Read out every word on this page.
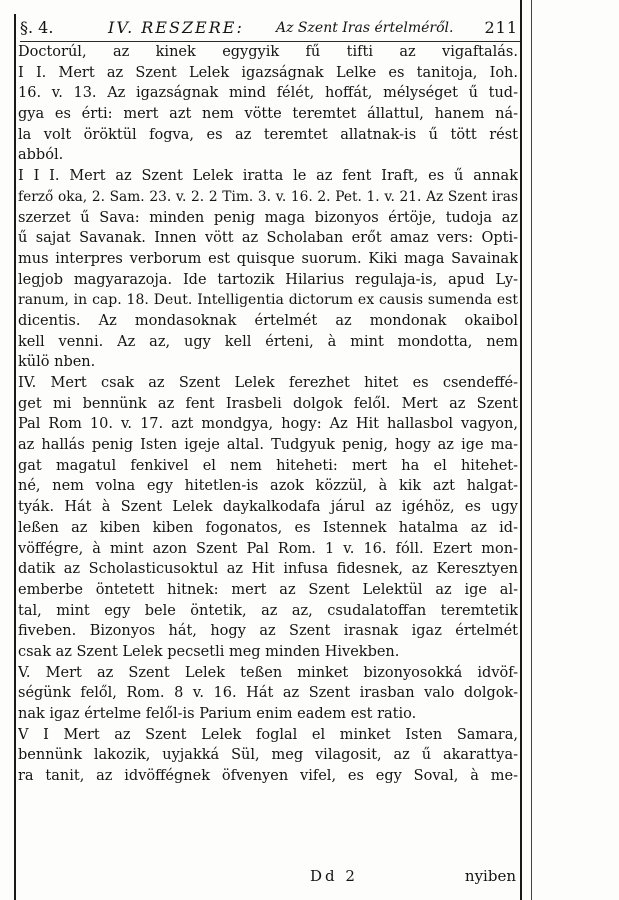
§. 4.	IV. RESZERE: Az Szent Iras értelméről. 211
Doctorúl, az kinek egygyik fű tifti az vigaftalás.
I I. Mert az Szent Lelek igazságnak Lelke es tanitoja, Ioh.
16. v. 13. Az igazságnak mind félét, hoffát, mélységet ű tud-
gya es érti: mert azt nem vötte teremtet állattul, hanem ná-
la volt öröktül fogva, es az teremtet allatnak-is ű tött rést
abból.
I I I. Mert az Szent Lelek iratta le az fent Iraft, es ű annak
ferző oka, 2. Sam. 23. v. 2. 2 Tim. 3. v. 16. 2. Pet. 1. v. 21. Az Szent iras
szerzet ű Sava: minden penig maga bizonyos értöje, tudoja az
ű sajat Savanak. Innen vött az Scholaban erőt amaz vers: Opti-
mus interpres verborum est quisque suorum. Kiki maga Savainak
legjob magyarazoja. Ide tartozik Hilarius regulaja-is, apud Ly-
ranum, in cap. 18. Deut. Intelligentia dictorum ex causis sumenda est
dicentis. Az mondasoknak értelmét az mondonak okaibol
kell venni. Az az, ugy kell érteni, à mint mondotta, nem
külö nben.
IV. Mert csak az Szent Lelek ferezhet hitet es csendeffé-
get mi bennünk az fent Irasbeli dolgok felől. Mert az Szent
Pal Rom 10. v. 17. azt mondgya, hogy: Az Hit hallasbol vagyon,
az hallás penig Isten igeje altal. Tudgyuk penig, hogy az ige ma-
gat magatul fenkivel el nem hiteheti: mert ha el hitehet-
né, nem volna egy hitetlen-is azok közzül, à kik azt halgat-
tyák. Hát à Szent Lelek daykalkodafa járul az igéhöz, es ugy
leßen az kiben kiben fogonatos, es Istennek hatalma az id-
vöffégre, à mint azon Szent Pal Rom. 1 v. 16. fóll. Ezert mon-
datik az Scholasticusoktul az Hit infusa fidesnek, az Keresztyen
emberbe öntetett hitnek: mert az Szent Lelektül az ige al-
tal, mint egy bele öntetik, az az, csudalatoffan teremtetik
fiveben. Bizonyos hát, hogy az Szent irasnak igaz értelmét
csak az Szent Lelek pecsetli meg minden Hivekben.
V. Mert az Szent Lelek teßen minket bizonyosokká idvöf-
ségünk felől, Rom. 8 v. 16. Hát az Szent irasban valo dolgok-
nak igaz értelme felől-is Parium enim eadem est ratio.
V I Mert az Szent Lelek foglal el minket Isten Samara,
bennünk lakozik, uyjakká Sül, meg vilagosit, az ű akarattya-
ra tanit, az idvöffégnek öfvenyen vifel, es egy Soval, à me-
Dd 2	nyiben
